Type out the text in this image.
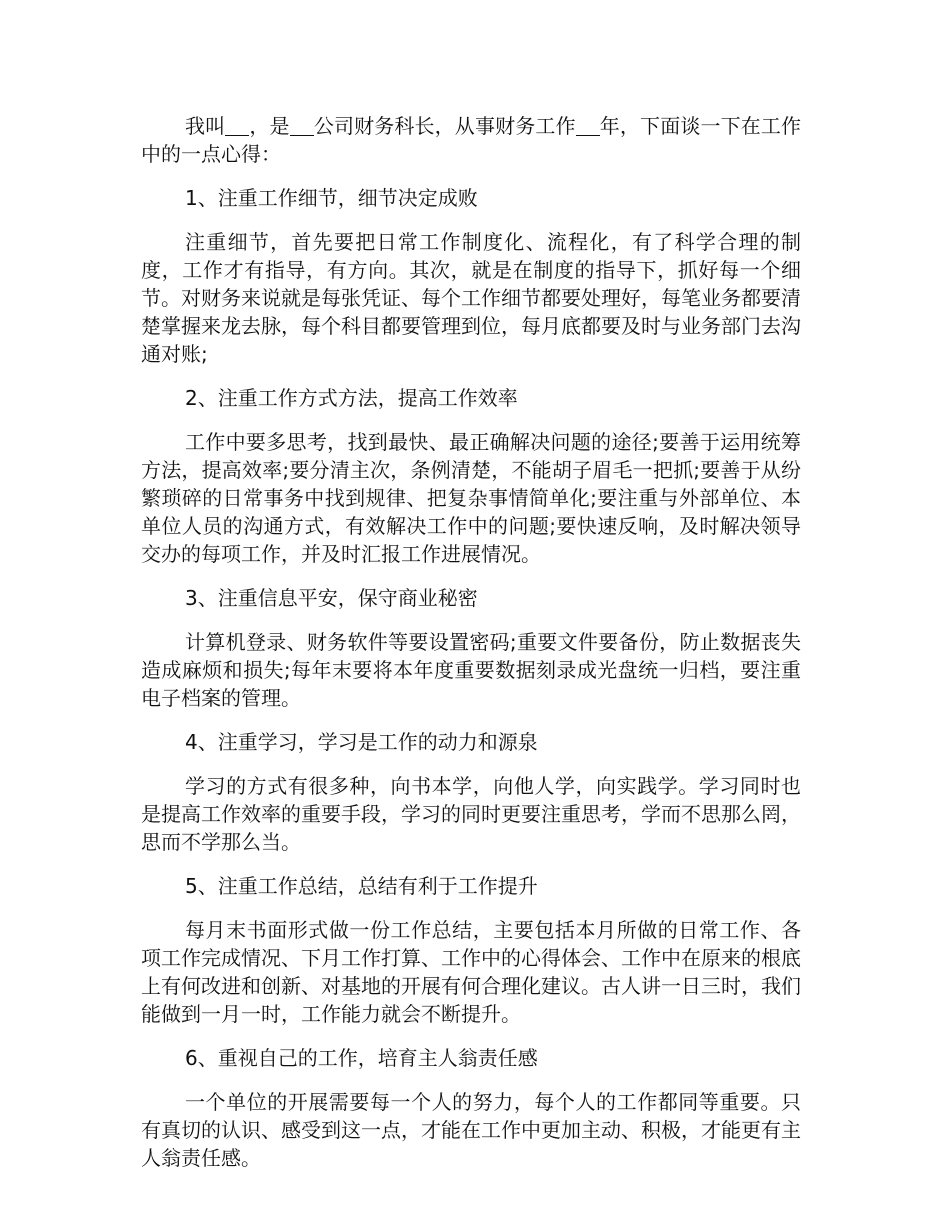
我叫 ，是 公司财务科长，从事财务工作 年，下面谈一下在工作中的一点心得：

1、注重工作细节，细节决定成败

注重细节，首先要把日常工作制度化、流程化，有了科学合理的制度，工作才有指导，有方向。其次，就是在制度的指导下，抓好每一个细节。对财务来说就是每张凭证、每个工作细节都要处理好，每笔业务都要清楚掌握来龙去脉，每个科目都要管理到位，每月底都要及时与业务部门去沟通对账;

2、注重工作方式方法，提高工作效率

工作中要多思考，找到最快、最正确解决问题的途径;要善于运用统筹方法，提高效率;要分清主次，条例清楚，不能胡子眉毛一把抓;要善于从纷繁琐碎的日常事务中找到规律、把复杂事情简单化;要注重与外部单位、本单位人员的沟通方式，有效解决工作中的问题;要快速反响，及时解决领导交办的每项工作，并及时汇报工作进展情况。

3、注重信息平安，保守商业秘密

计算机登录、财务软件等要设置密码;重要文件要备份，防止数据丧失造成麻烦和损失;每年末要将本年度重要数据刻录成光盘统一归档，要注重电子档案的管理。

4、注重学习，学习是工作的动力和源泉

学习的方式有很多种，向书本学，向他人学，向实践学。学习同时也是提高工作效率的重要手段，学习的同时更要注重思考，学而不思那么罔，思而不学那么当。

5、注重工作总结，总结有利于工作提升

每月末书面形式做一份工作总结，主要包括本月所做的日常工作、各项工作完成情况、下月工作打算、工作中的心得体会、工作中在原来的根底上有何改进和创新、对基地的开展有何合理化建议。古人讲一日三时，我们能做到一月一时，工作能力就会不断提升。

6、重视自己的工作，培育主人翁责任感

一个单位的开展需要每一个人的努力，每个人的工作都同等重要。只有真切的认识、感受到这一点，才能在工作中更加主动、积极，才能更有主人翁责任感。
